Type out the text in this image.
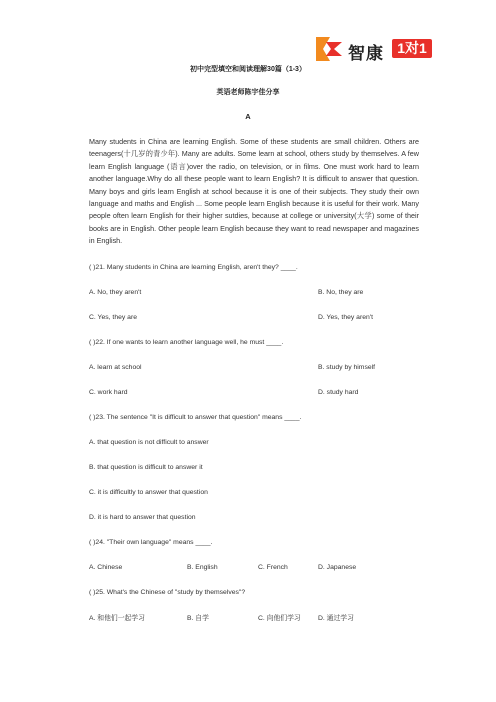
智康 1对1
初中完型填空和阅读理解30篇（1-3）
英语老师陈宇佳分享
A
Many students in China are learning English. Some of these students are small children. Others are teenagers(十几岁的青少年). Many are adults. Some learn at school, others study by themselves. A few learn English language (语言)over the radio, on television, or in films. One must work hard to learn another language.Why do all these people want to learn English? It is difficult to answer that question. Many boys and girls learn English at school because it is one of their subjects. They study their own language and maths and English ... Some people learn English because it is useful for their work. Many people often learn English for their higher sutdies, because at college or university(大学) some of their books are in English. Other people learn English because they want to read newspaper and magazines in English.
( )21. Many students in China are learning English, aren't they? ____.
A. No, they aren't	B. No, they are
C. Yes, they are	D. Yes, they aren't
( )22. If one wants to learn another language well, he must ____.
A. learn at school	B. study by himself
C. work hard	D. study hard
( )23. The sentence "It is difficult to answer that question" means ____.
A. that question is not difficult to answer
B. that question is difficult to answer it
C. it is difficultly to answer that question
D. it is hard to answer that question
( )24. "Their own language" means ____.
A. Chinese	B. English	C. French	D. Japanese
( )25. What's the Chinese of "study by themselves"?
A. 和他们一起学习	B. 自学	C. 向他们学习	D. 通过学习
